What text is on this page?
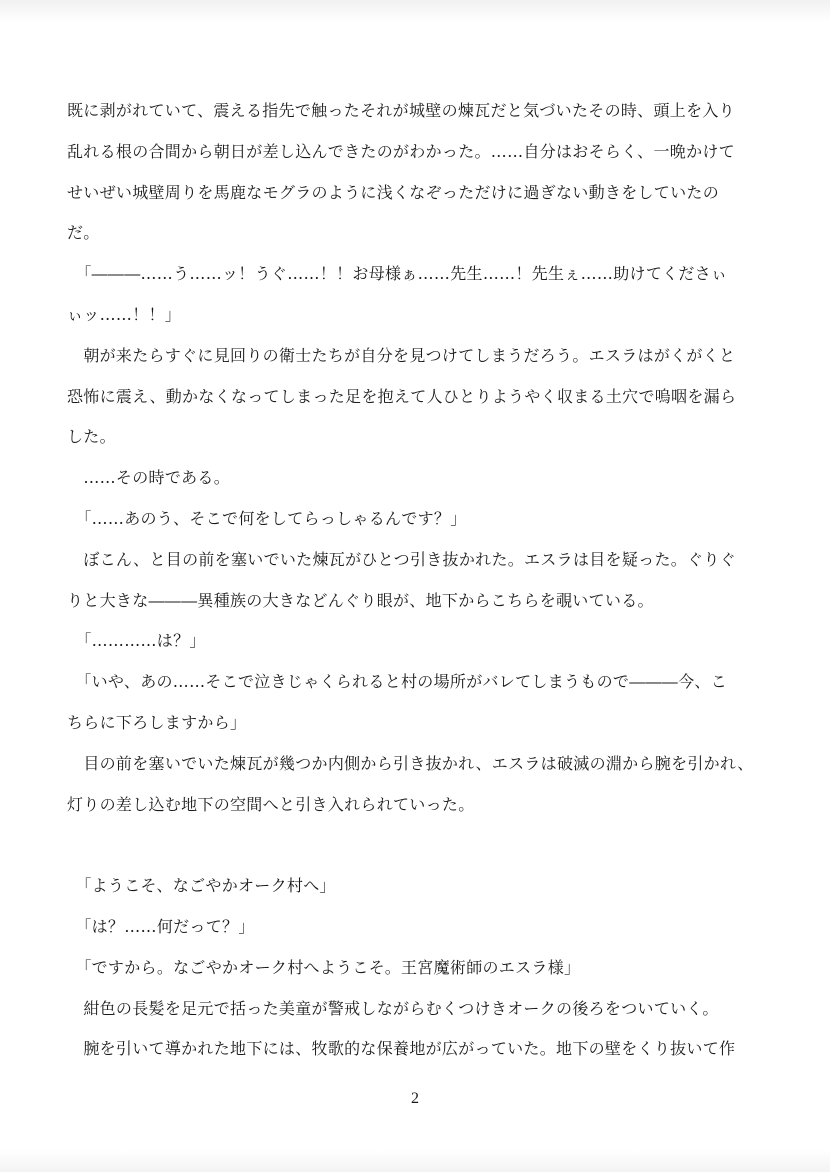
既に剥がれていて、震える指先で触ったそれが城壁の煉瓦だと気づいたその時、頭上を入り
乱れる根の合間から朝日が差し込んできたのがわかった。……自分はおそらく、一晩かけて
せいぜい城壁周りを馬鹿なモグラのように浅くなぞっただけに過ぎない動きをしていたの
だ。
　「―――……う……ッ！うぐ……！！お母様ぁ……先生……！先生ぇ……助けてくださぃ
ぃッ……！！」
　朝が来たらすぐに見回りの衛士たちが自分を見つけてしまうだろう。エスラはがくがくと
恐怖に震え、動かなくなってしまった足を抱えて人ひとりようやく収まる土穴で嗚咽を漏ら
した。
　……その時である。
　「……あのう、そこで何をしてらっしゃるんです？」
　ぼこん、と目の前を塞いでいた煉瓦がひとつ引き抜かれた。エスラは目を疑った。ぐりぐ
りと大きな―――異種族の大きなどんぐり眼が、地下からこちらを覗いている。
　「…………は？」
　「いや、あの……そこで泣きじゃくられると村の場所がバレてしまうもので―――今、こ
ちらに下ろしますから」
　目の前を塞いでいた煉瓦が幾つか内側から引き抜かれ、エスラは破滅の淵から腕を引かれ、
灯りの差し込む地下の空間へと引き入れられていった。
　「ようこそ、なごやかオーク村へ」
　「は？……何だって？」
　「ですから。なごやかオーク村へようこそ。王宮魔術師のエスラ様」
　紺色の長髪を足元で括った美童が警戒しながらむくつけきオークの後ろをついていく。
　腕を引いて導かれた地下には、牧歌的な保養地が広がっていた。地下の壁をくり抜いて作
2
